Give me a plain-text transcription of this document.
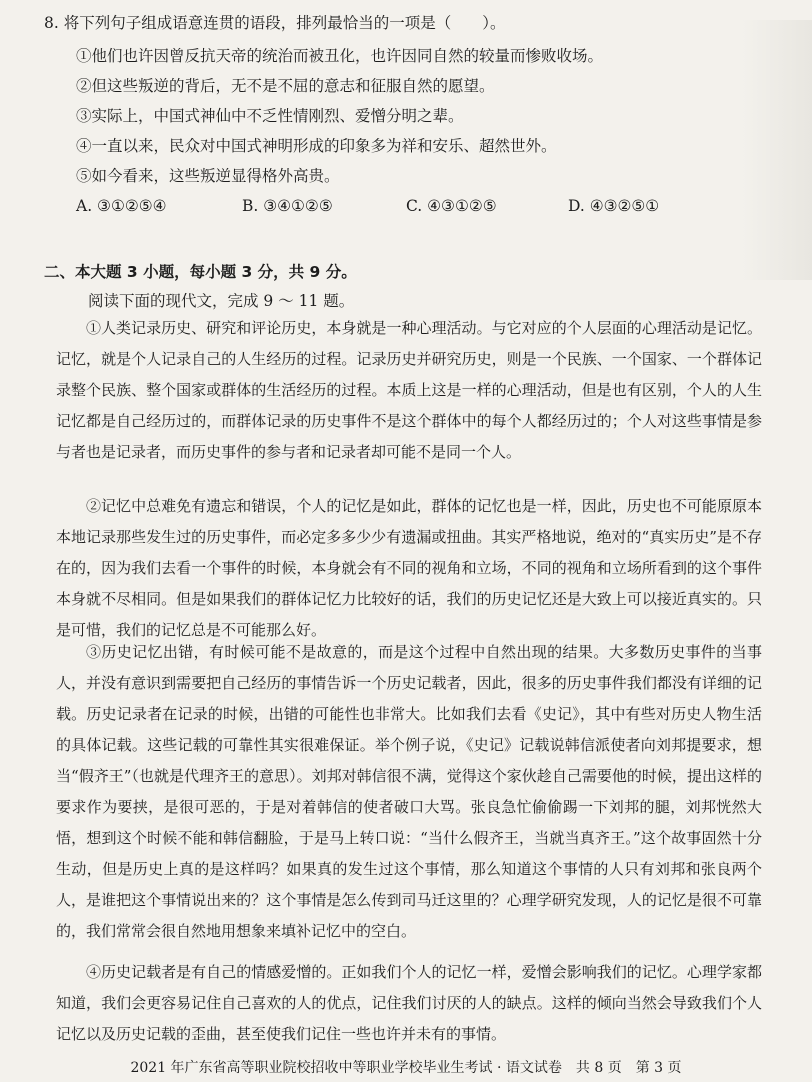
8. 将下列句子组成语意连贯的语段，排列最恰当的一项是（　　）。
①他们也许因曾反抗天帝的统治而被丑化，也许因同自然的较量而惨败收场。
②但这些叛逆的背后，无不是不屈的意志和征服自然的愿望。
③实际上，中国式神仙中不乏性情刚烈、爱憎分明之辈。
④一直以来，民众对中国式神明形成的印象多为祥和安乐、超然世外。
⑤如今看来，这些叛逆显得格外高贵。
A. ③①②⑤④	B. ③④①②⑤	C. ④③①②⑤	D. ④③②⑤①
二、本大题 3 小题，每小题 3 分，共 9 分。
阅读下面的现代文，完成 9 ～ 11 题。
①人类记录历史、研究和评论历史，本身就是一种心理活动。与它对应的个人层面的心理活动是记忆。记忆，就是个人记录自己的人生经历的过程。记录历史并研究历史，则是一个民族、一个国家、一个群体记录整个民族、整个国家或群体的生活经历的过程。本质上这是一样的心理活动，但是也有区别，个人的人生记忆都是自己经历过的，而群体记录的历史事件不是这个群体中的每个人都经历过的；个人对这些事情是参与者也是记录者，而历史事件的参与者和记录者却可能不是同一个人。
②记忆中总难免有遗忘和错误，个人的记忆是如此，群体的记忆也是一样，因此，历史也不可能原原本本地记录那些发生过的历史事件，而必定多多少少有遗漏或扭曲。其实严格地说，绝对的“真实历史”是不存在的，因为我们去看一个事件的时候，本身就会有不同的视角和立场，不同的视角和立场所看到的这个事件本身就不尽相同。但是如果我们的群体记忆力比较好的话，我们的历史记忆还是大致上可以接近真实的。只是可惜，我们的记忆总是不可能那么好。
③历史记忆出错，有时候可能不是故意的，而是这个过程中自然出现的结果。大多数历史事件的当事人，并没有意识到需要把自己经历的事情告诉一个历史记载者，因此，很多的历史事件我们都没有详细的记载。历史记录者在记录的时候，出错的可能性也非常大。比如我们去看《史记》，其中有些对历史人物生活的具体记载。这些记载的可靠性其实很难保证。举个例子说，《史记》记载说韩信派使者向刘邦提要求，想当“假齐王”（也就是代理齐王的意思）。刘邦对韩信很不满，觉得这个家伙趁自己需要他的时候，提出这样的要求作为要挟，是很可恶的，于是对着韩信的使者破口大骂。张良急忙偷偷踢一下刘邦的腿，刘邦恍然大悟，想到这个时候不能和韩信翻脸，于是马上转口说：“当什么假齐王，当就当真齐王。”这个故事固然十分生动，但是历史上真的是这样吗？如果真的发生过这个事情，那么知道这个事情的人只有刘邦和张良两个人，是谁把这个事情说出来的？这个事情是怎么传到司马迁这里的？心理学研究发现，人的记忆是很不可靠的，我们常常会很自然地用想象来填补记忆中的空白。
④历史记载者是有自己的情感爱憎的。正如我们个人的记忆一样，爱憎会影响我们的记忆。心理学家都知道，我们会更容易记住自己喜欢的人的优点，记住我们讨厌的人的缺点。这样的倾向当然会导致我们个人记忆以及历史记载的歪曲，甚至使我们记住一些也许并未有的事情。
2021 年广东省高等职业院校招收中等职业学校毕业生考试 · 语文试卷　共 8 页　第 3 页
